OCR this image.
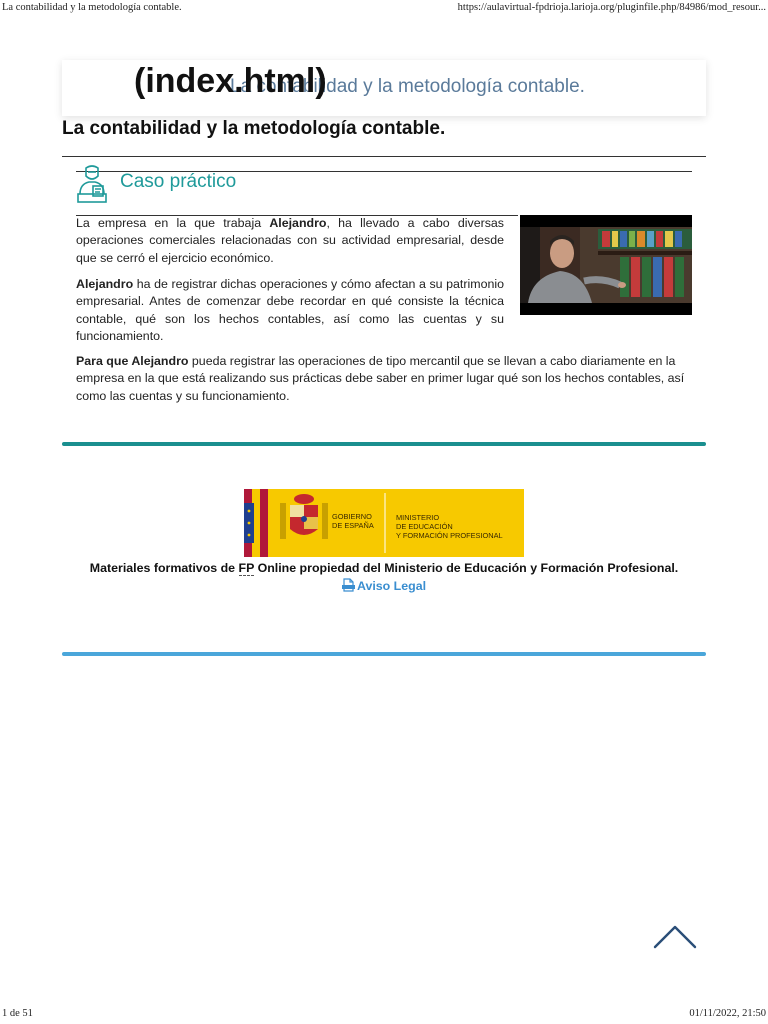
La contabilidad y la metodología contable.	https://aulavirtual-fpdrioja.larioja.org/pluginfile.php/84986/mod_resour...
La contabilidad y la metodología contable.
(index.html)
La contabilidad y la metodología contable.
Caso práctico

La empresa en la que trabaja Alejandro, ha llevado a cabo diversas operaciones comerciales relacionadas con su actividad empresarial, desde que se cerró el ejercicio económico.

Alejandro ha de registrar dichas operaciones y cómo afectan a su patrimonio empresarial. Antes de comenzar debe recordar en qué consiste la técnica contable, qué son los hechos contables, así como las cuentas y su funcionamiento.

Para que Alejandro pueda registrar las operaciones de tipo mercantil que se llevan a cabo diariamente en la empresa en la que está realizando sus prácticas debe saber en primer lugar qué son los hechos contables, así como las cuentas y su funcionamiento.

GOBIERNO
DE ESPAÑA
MINISTERIO
DE EDUCACIÓN
Y FORMACIÓN PROFESIONAL
Materiales formativos de FP Online propiedad del Ministerio de Educación y Formación Profesional.
Aviso Legal
1 de 51	01/11/2022, 21:50
